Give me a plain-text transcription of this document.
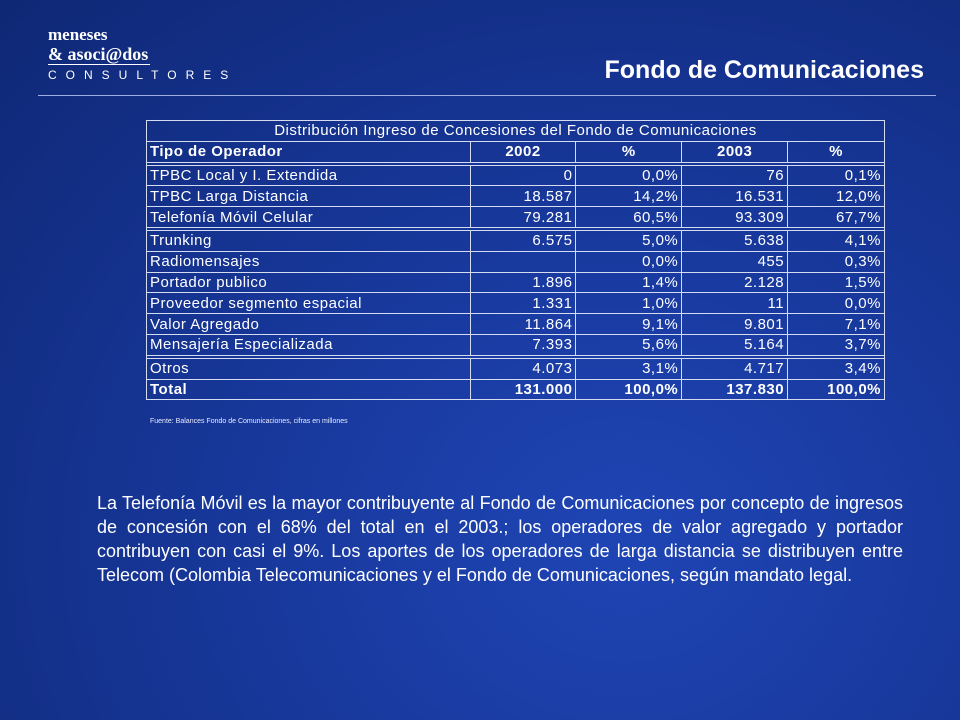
meneses
& asoci@dos
CONSULTORES	Fondo de Comunicaciones
Distribución Ingreso de Concesiones del Fondo de Comunicaciones				
Tipo de Operador	2002	%	2003	%

TPBC Local y I. Extendida	0	0,0%	76	0,1%
TPBC Larga Distancia	18.587	14,2%	16.531	12,0%
Telefonía Móvil Celular	79.281	60,5%	93.309	67,7%

Trunking	6.575	5,0%	5.638	4,1%
Radiomensajes		0,0%	455	0,3%
Portador publico	1.896	1,4%	2.128	1,5%
Proveedor segmento espacial	1.331	1,0%	11	0,0%
Valor Agregado	11.864	9,1%	9.801	7,1%
Mensajería Especializada	7.393	5,6%	5.164	3,7%

Otros	4.073	3,1%	4.717	3,4%
Total	131.000	100,0%	137.830	100,0%
Fuente: Balances Fondo de Comunicaciones, cifras en millones
La Telefonía Móvil es la mayor contribuyente al Fondo de Comunicaciones por concepto de ingresos de concesión con el 68% del total en el 2003.; los operadores de valor agregado y portador contribuyen con casi el 9%. Los aportes de los operadores de larga distancia se distribuyen entre Telecom (Colombia Telecomunicaciones y el Fondo de Comunicaciones, según mandato legal.
